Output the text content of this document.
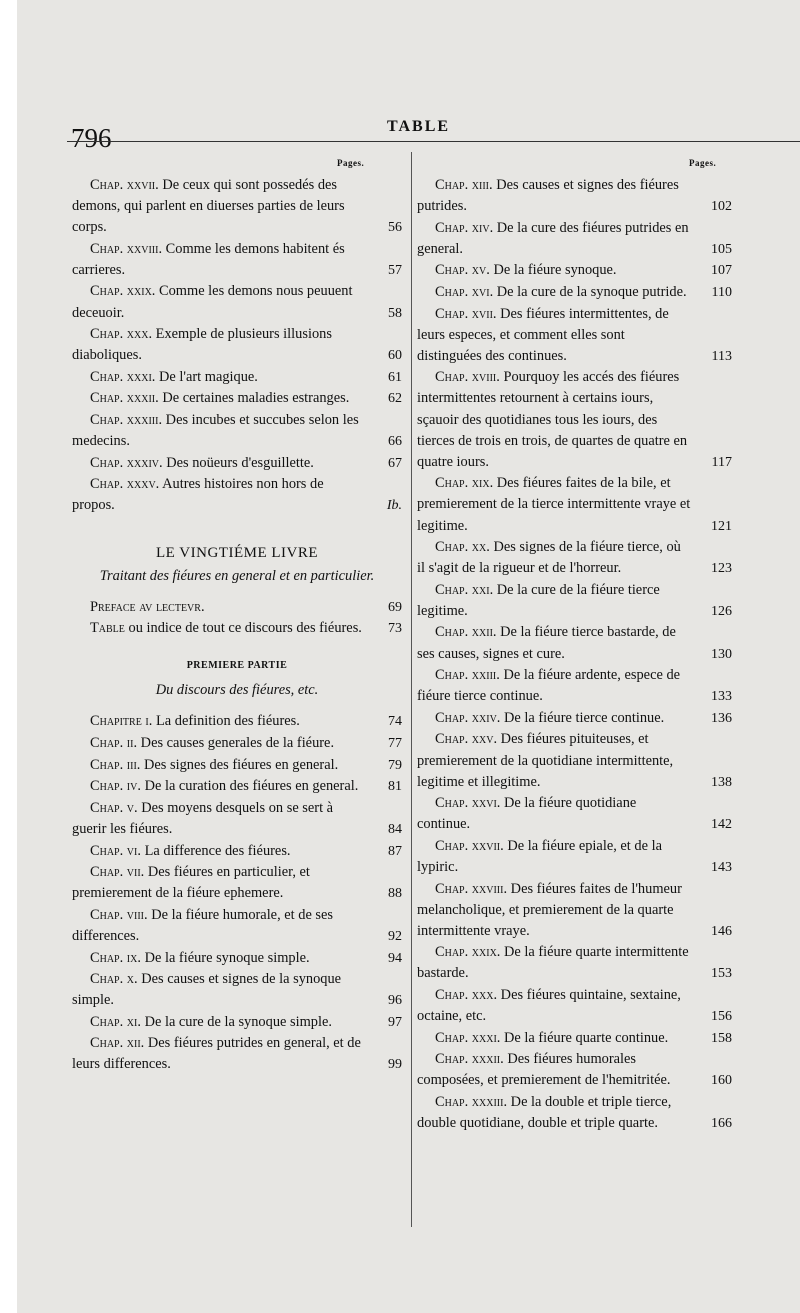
796	TABLE
Pages.	Pages.
Chap. xxvii. De ceux qui sont possedés des demons, qui parlent en diuerses parties de leurs corps.	56
Chap. xxviii. Comme les demons habitent és carrieres.	57
Chap. xxix. Comme les demons nous peuuent deceuoir.	58
Chap. xxx. Exemple de plusieurs illusions diaboliques.	60
Chap. xxxi. De l'art magique.	61
Chap. xxxii. De certaines maladies estranges.	62
Chap. xxxiii. Des incubes et succubes selon les medecins.	66
Chap. xxxiv. Des noüeurs d'esguillette.	67
Chap. xxxv. Autres histoires non hors de propos.	Ib.
LE VINGTIÉME LIVRE
Traitant des fiéures en general et en particulier.
Preface av lectevr.	69
Table ou indice de tout ce discours des fiéures.	73
PREMIERE PARTIE
Du discours des fiéures, etc.
Chapitre i. La definition des fiéures.	74
Chap. ii. Des causes generales de la fiéure.	77
Chap. iii. Des signes des fiéures en general.	79
Chap. iv. De la curation des fiéures en general.	81
Chap. v. Des moyens desquels on se sert à guerir les fiéures.	84
Chap. vi. La difference des fiéures.	87
Chap. vii. Des fiéures en particulier, et premierement de la fiéure ephemere.	88
Chap. viii. De la fiéure humorale, et de ses differences.	92
Chap. ix. De la fiéure synoque simple.	94
Chap. x. Des causes et signes de la synoque simple.	96
Chap. xi. De la cure de la synoque simple.	97
Chap. xii. Des fiéures putrides en general, et de leurs differences.	99
Chap. xiii. Des causes et signes des fiéures putrides.	102
Chap. xiv. De la cure des fiéures putrides en general.	105
Chap. xv. De la fiéure synoque.	107
Chap. xvi. De la cure de la synoque putride.	110
Chap. xvii. Des fiéures intermittentes, de leurs especes, et comment elles sont distinguées des continues.	113
Chap. xviii. Pourquoy les accés des fiéures intermittentes retournent à certains iours, sçauoir des quotidianes tous les iours, des tierces de trois en trois, de quartes de quatre en quatre iours.	117
Chap. xix. Des fiéures faites de la bile, et premierement de la tierce intermittente vraye et legitime.	121
Chap. xx. Des signes de la fiéure tierce, où il s'agit de la rigueur et de l'horreur.	123
Chap. xxi. De la cure de la fiéure tierce legitime.	126
Chap. xxii. De la fiéure tierce bastarde, de ses causes, signes et cure.	130
Chap. xxiii. De la fiéure ardente, espece de fiéure tierce continue.	133
Chap. xxiv. De la fiéure tierce continue.	136
Chap. xxv. Des fiéures pituiteuses, et premierement de la quotidiane intermittente, legitime et illegitime.	138
Chap. xxvi. De la fiéure quotidiane continue.	142
Chap. xxvii. De la fiéure epiale, et de la lypiric.	143
Chap. xxviii. Des fiéures faites de l'humeur melancholique, et premierement de la quarte intermittente vraye.	146
Chap. xxix. De la fiéure quarte intermittente bastarde.	153
Chap. xxx. Des fiéures quintaine, sextaine, octaine, etc.	156
Chap. xxxi. De la fiéure quarte continue.	158
Chap. xxxii. Des fiéures humorales composées, et premierement de l'hemitritée.	160
Chap. xxxiii. De la double et triple tierce, double quotidiane, double et triple quarte.	166
